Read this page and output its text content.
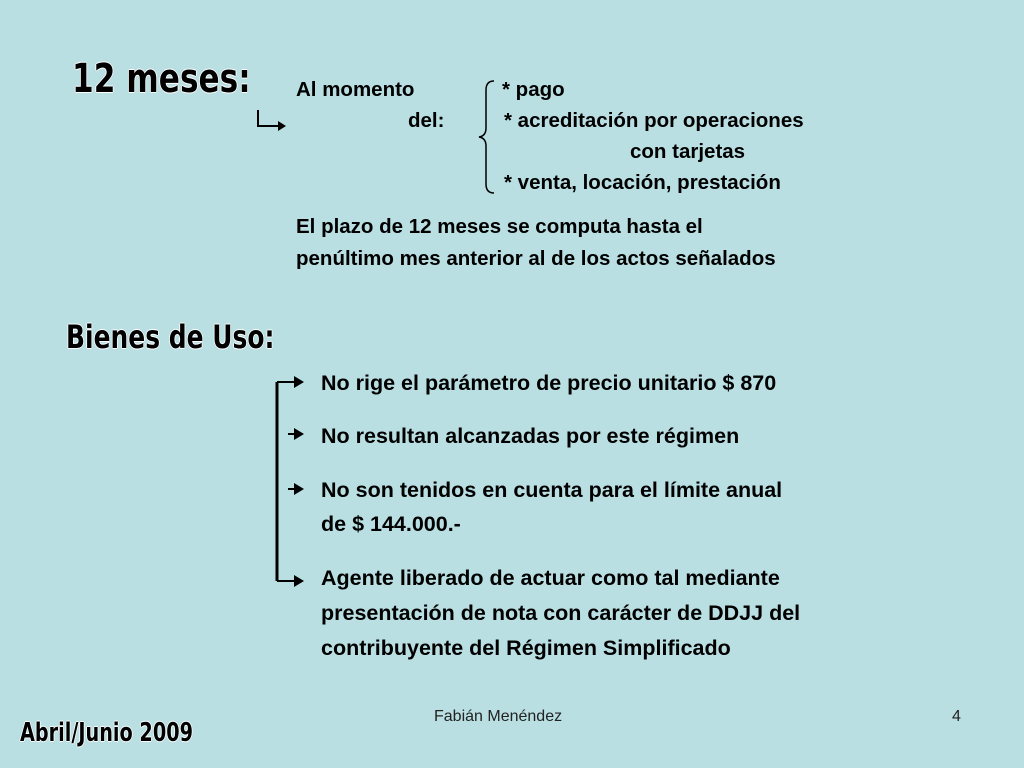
12 meses: Al momento
del:
* pago
* acreditación por operaciones
con tarjetas
* venta, locación, prestación
El plazo de 12 meses se computa hasta el
penúltimo mes anterior al de los actos señalados
Bienes de Uso:
No rige el parámetro de precio unitario $ 870
No resultan alcanzadas por este régimen
No son tenidos en cuenta para el límite anual
de $ 144.000.-
Agente liberado de actuar como tal mediante
presentación de nota con carácter de DDJJ del
contribuyente del Régimen Simplificado
Abril/Junio 2009
Fabián Menéndez	4
